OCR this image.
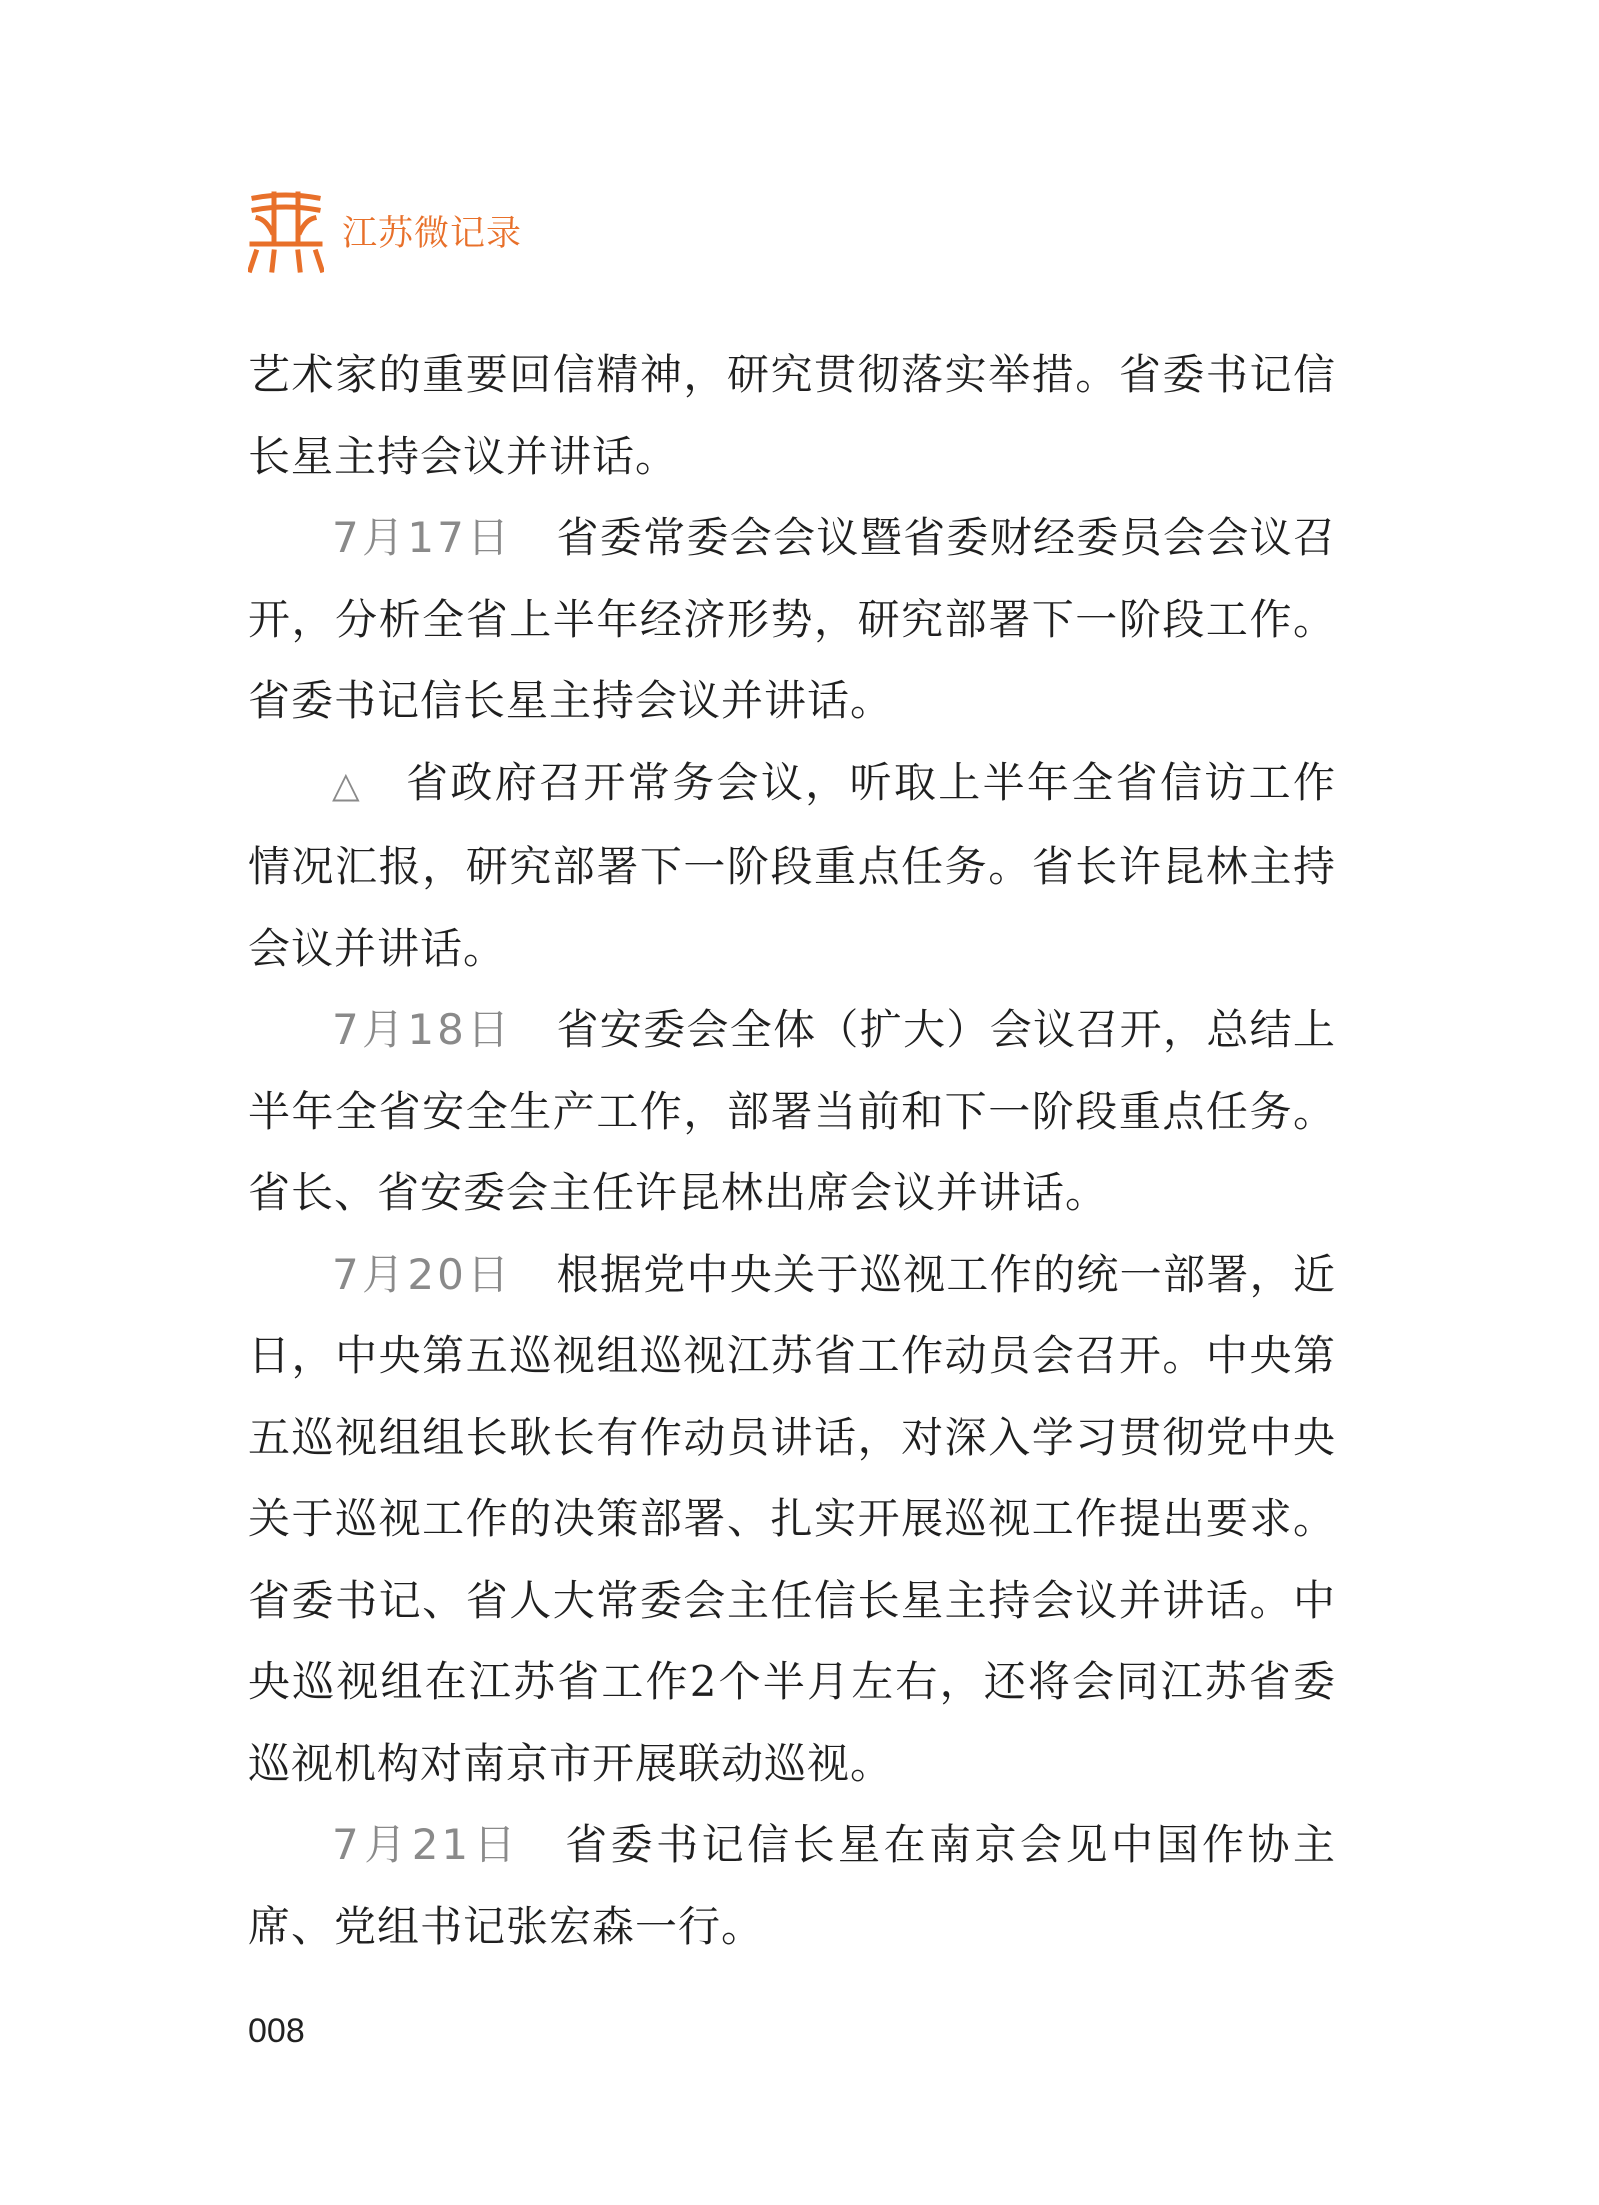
江苏微记录

艺术家的重要回信精神，研究贯彻落实举措。省委书记信长星主持会议并讲话。

7月17日 省委常委会会议暨省委财经委员会会议召开，分析全省上半年经济形势，研究部署下一阶段工作。省委书记信长星主持会议并讲话。

△ 省政府召开常务会议，听取上半年全省信访工作情况汇报，研究部署下一阶段重点任务。省长许昆林主持会议并讲话。

7月18日 省安委会全体（扩大）会议召开，总结上半年全省安全生产工作，部署当前和下一阶段重点任务。省长、省安委会主任许昆林出席会议并讲话。

7月20日 根据党中央关于巡视工作的统一部署，近日，中央第五巡视组巡视江苏省工作动员会召开。中央第五巡视组组长耿长有作动员讲话，对深入学习贯彻党中央关于巡视工作的决策部署、扎实开展巡视工作提出要求。省委书记、省人大常委会主任信长星主持会议并讲话。中央巡视组在江苏省工作2个半月左右，还将会同江苏省委巡视机构对南京市开展联动巡视。

7月21日 省委书记信长星在南京会见中国作协主席、党组书记张宏森一行。

008
